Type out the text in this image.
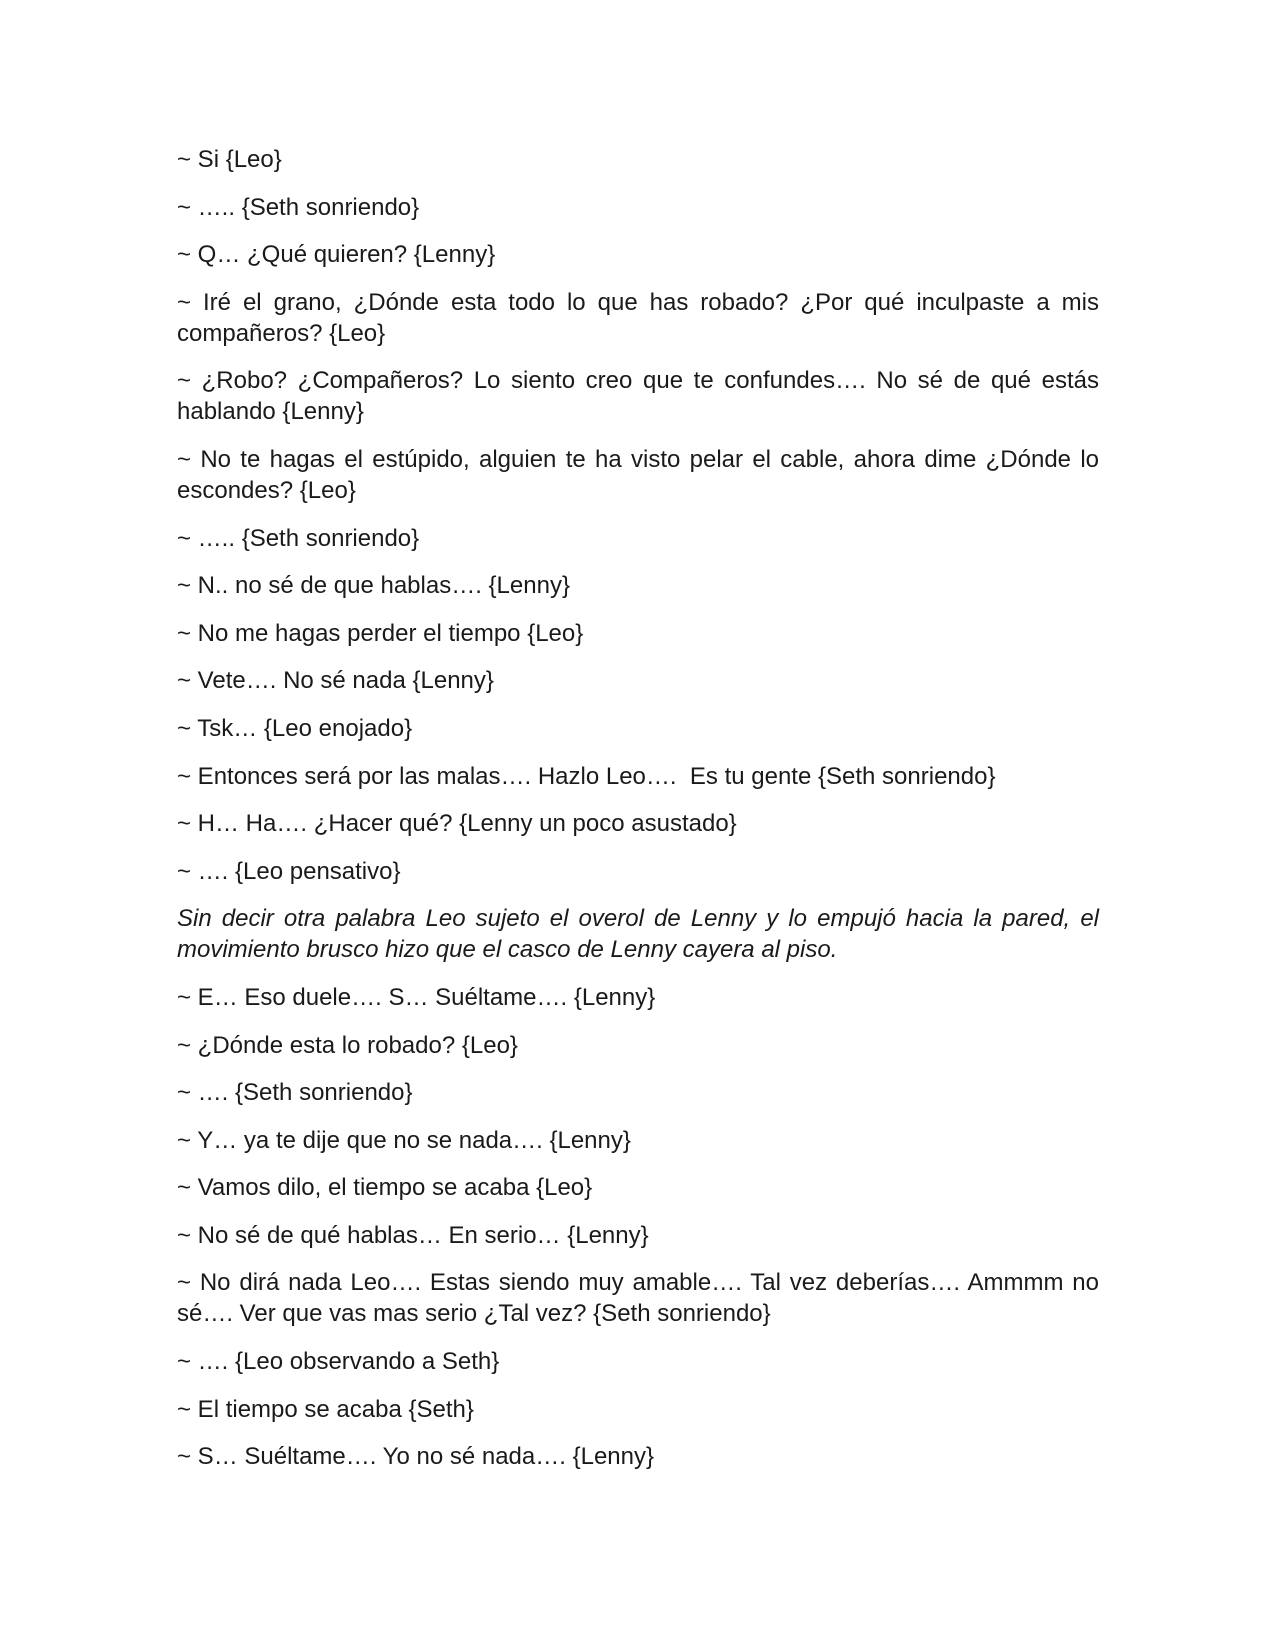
~ Si {Leo}

~ ….. {Seth sonriendo}

~ Q… ¿Qué quieren? {Lenny}

~ Iré el grano, ¿Dónde esta todo lo que has robado? ¿Por qué inculpaste a mis compañeros? {Leo}

~ ¿Robo? ¿Compañeros? Lo siento creo que te confundes…. No sé de qué estás hablando {Lenny}

~ No te hagas el estúpido, alguien te ha visto pelar el cable, ahora dime ¿Dónde lo escondes? {Leo}

~ ….. {Seth sonriendo}

~ N.. no sé de que hablas…. {Lenny}

~ No me hagas perder el tiempo {Leo}

~ Vete…. No sé nada {Lenny}

~ Tsk… {Leo enojado}

~ Entonces será por las malas…. Hazlo Leo….  Es tu gente {Seth sonriendo}

~ H… Ha…. ¿Hacer qué? {Lenny un poco asustado}

~ …. {Leo pensativo}

Sin decir otra palabra Leo sujeto el overol de Lenny y lo empujó hacia la pared, el movimiento brusco hizo que el casco de Lenny cayera al piso.

~ E… Eso duele…. S… Suéltame…. {Lenny}

~ ¿Dónde esta lo robado? {Leo}

~ …. {Seth sonriendo}

~ Y… ya te dije que no se nada…. {Lenny}

~ Vamos dilo, el tiempo se acaba {Leo}

~ No sé de qué hablas… En serio… {Lenny}

~ No dirá nada Leo…. Estas siendo muy amable…. Tal vez deberías…. Ammmm no sé…. Ver que vas mas serio ¿Tal vez? {Seth sonriendo}

~ …. {Leo observando a Seth}

~ El tiempo se acaba {Seth}

~ S… Suéltame…. Yo no sé nada…. {Lenny}
